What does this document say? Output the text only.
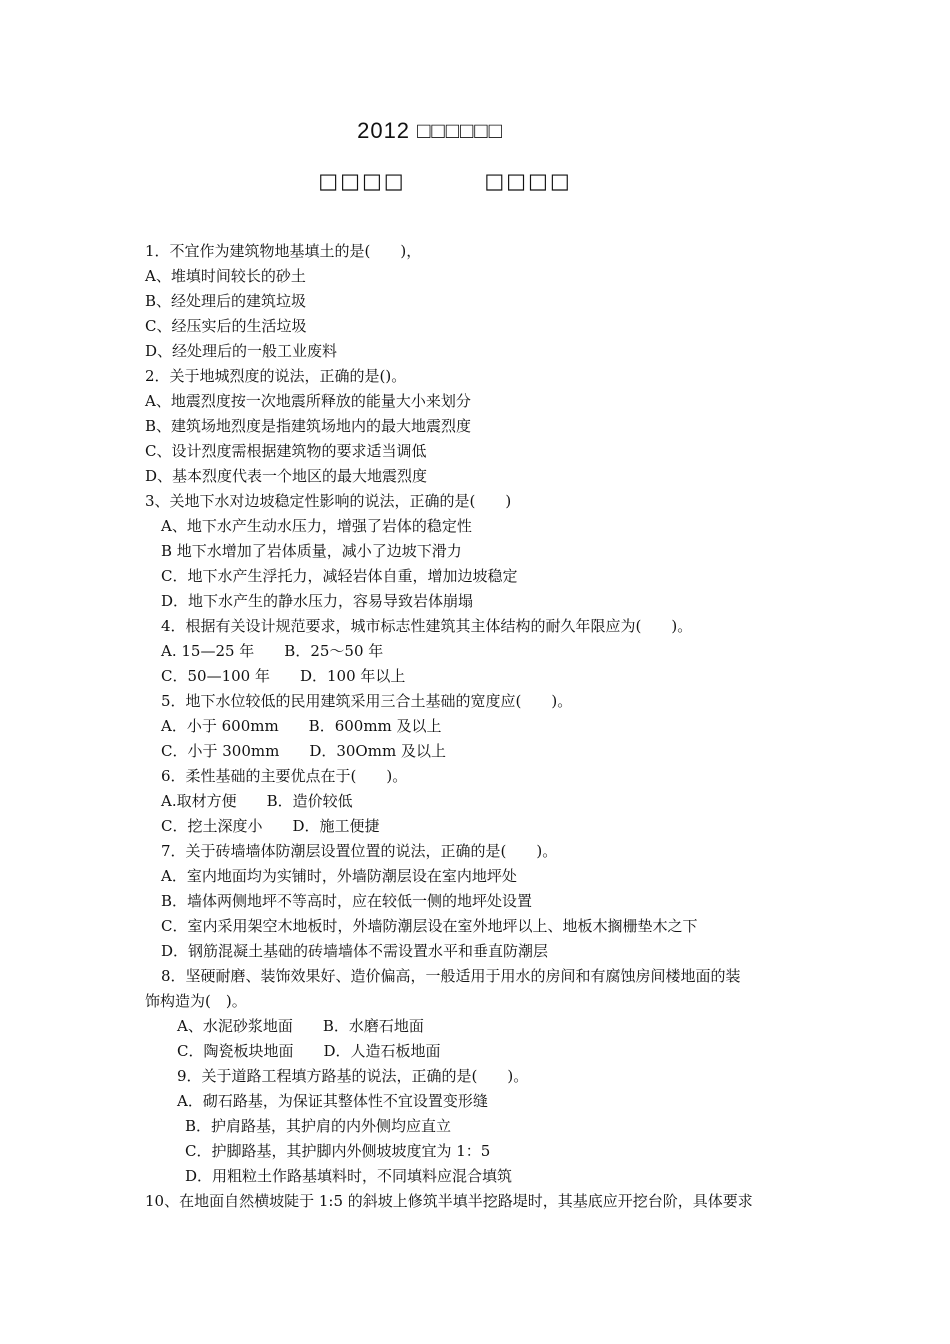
2012 □□□□□□
□□□□	□□□□
1．不宜作为建筑物地基填土的是(　　)，
A、堆填时间较长的砂土
B、经处理后的建筑垃圾
C、经压实后的生活垃圾
D、经处理后的一般工业废料
2．关于地城烈度的说法，正确的是()。
A、地震烈度按一次地震所释放的能量大小来划分
B、建筑场地烈度是指建筑场地内的最大地震烈度
C、设计烈度需根据建筑物的要求适当调低
D、基本烈度代表一个地区的最大地震烈度
3、关地下水对边坡稳定性影响的说法，正确的是(　　)
A、地下水产生动水压力，增强了岩体的稳定性
B 地下水增加了岩体质量，减小了边坡下滑力
C．地下水产生浮托力，减轻岩体自重，增加边坡稳定
D．地下水产生的静水压力，容易导致岩体崩塌
4．根据有关设计规范要求，城市标志性建筑其主体结构的耐久年限应为(　　)。
A. 15—25 年　　B．25～50 年
C．50—100 年　　D．100 年以上
5．地下水位较低的民用建筑采用三合土基础的宽度应(　　)。
A．小于 600mm　　B．600mm 及以上
C．小于 300mm　　D．30Omm 及以上
6．柔性基础的主要优点在于(　　)。
A.取材方便　　B．造价较低
C．挖土深度小　　D．施工便捷
7．关于砖墙墙体防潮层设置位置的说法，正确的是(　　)。
A．室内地面均为实铺时，外墙防潮层设在室内地坪处
B．墙体两侧地坪不等高时，应在较低一侧的地坪处设置
C．室内采用架空木地板时，外墙防潮层设在室外地坪以上、地板木搁栅垫木之下
D．钢筋混凝土基础的砖墙墙体不需设置水平和垂直防潮层
8．坚硬耐磨、装饰效果好、造价偏高，一般适用于用水的房间和有腐蚀房间楼地面的装
饰构造为(　)。
A、水泥砂浆地面　　B．水磨石地面
C．陶瓷板块地面　　D．人造石板地面
9．关于道路工程填方路基的说法，正确的是(　　)。
A．砌石路基，为保证其整体性不宜设置变形缝
B．护肩路基，其护肩的内外侧均应直立
C．护脚路基，其护脚内外侧坡坡度宜为 1：5
D．用粗粒土作路基填料时，不同填料应混合填筑
10、在地面自然横坡陡于 1:5 的斜坡上修筑半填半挖路堤时，其基底应开挖台阶，具体要求
